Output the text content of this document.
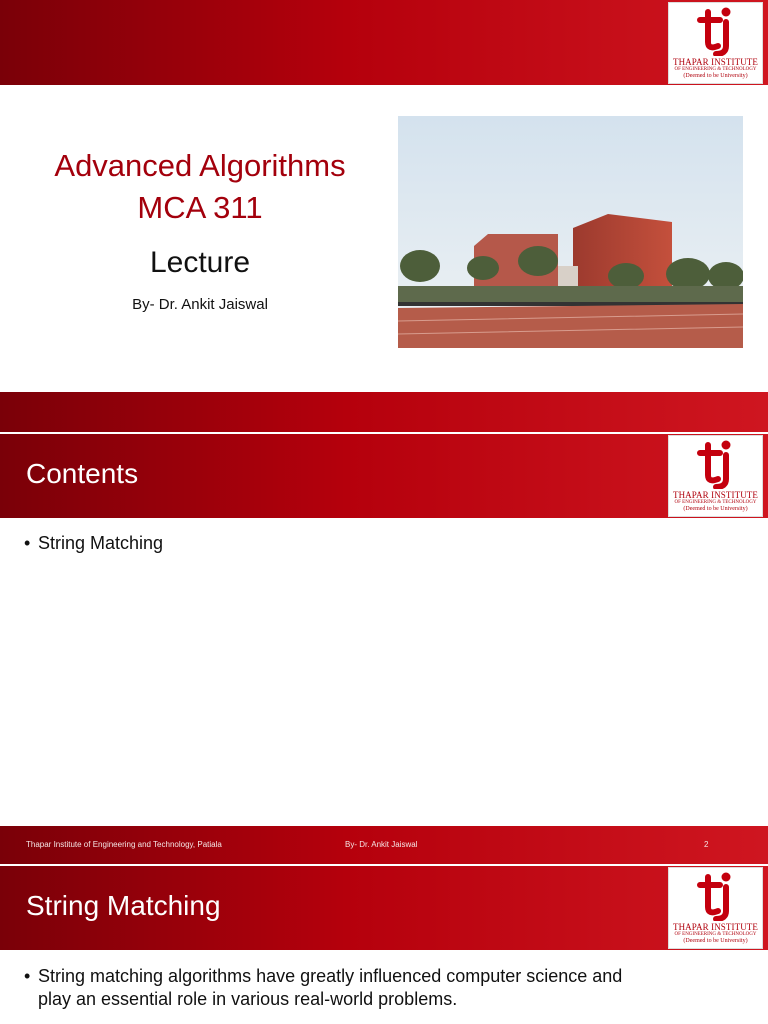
THAPAR INSTITUTE
OF ENGINEERING & TECHNOLOGY
(Deemed to be University)
Advanced Algorithms
MCA 311
Lecture
By- Dr. Ankit Jaiswal
Contents
THAPAR INSTITUTE
OF ENGINEERING & TECHNOLOGY
(Deemed to be University)
• String Matching
Thapar Institute of Engineering and Technology, Patiala	By- Dr. Ankit Jaiswal	2
String Matching
THAPAR INSTITUTE
OF ENGINEERING & TECHNOLOGY
(Deemed to be University)
• String matching algorithms have greatly influenced computer science and
play an essential role in various real-world problems.
